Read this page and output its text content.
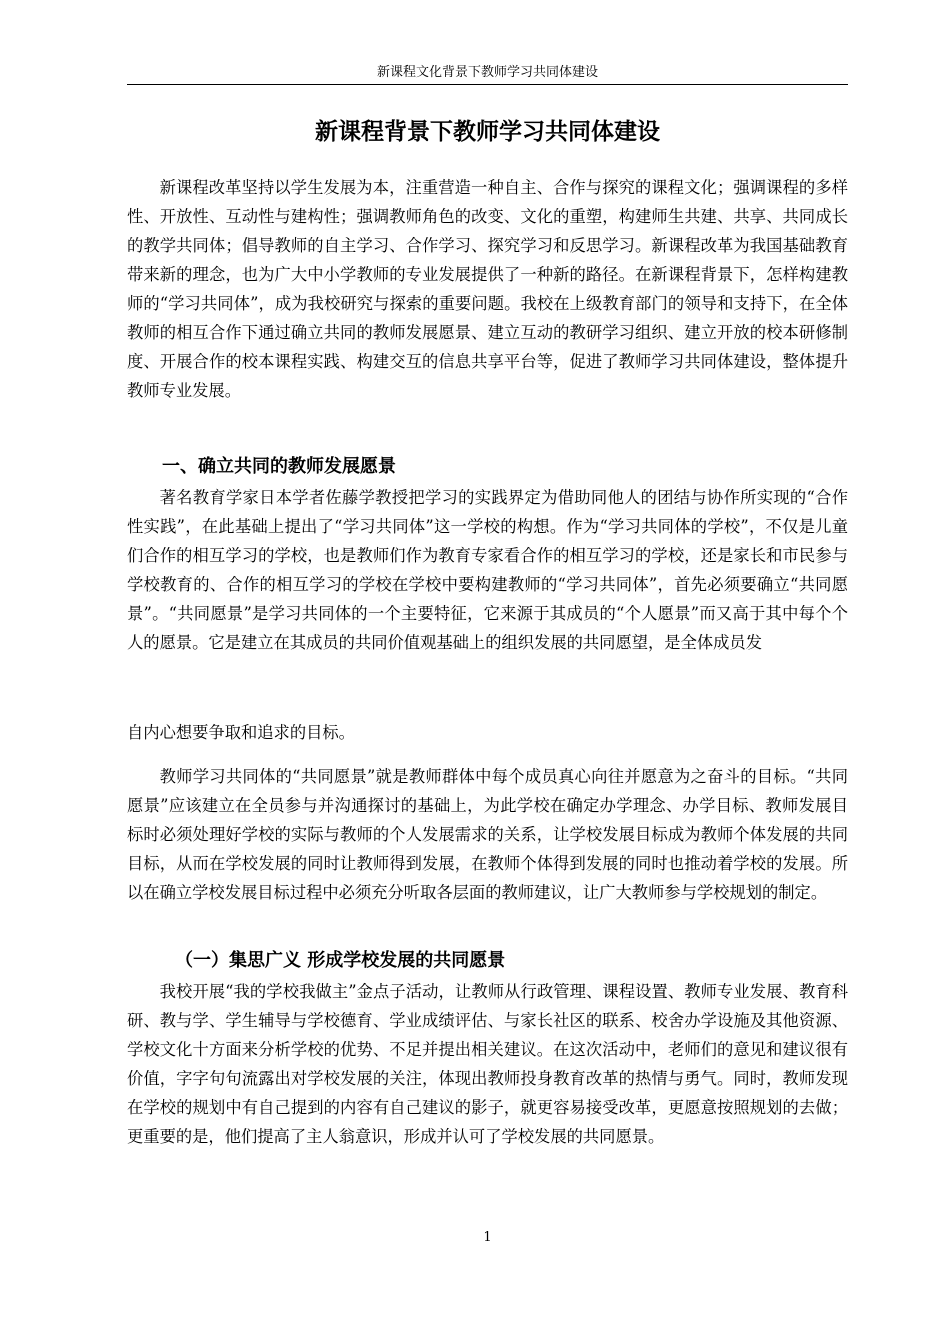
新课程文化背景下教师学习共同体建设
新课程背景下教师学习共同体建设

新课程改革坚持以学生发展为本，注重营造一种自主、合作与探究的课程文化；强调课程的多样性、开放性、互动性与建构性；强调教师角色的改变、文化的重塑，构建师生共建、共享、共同成长的教学共同体；倡导教师的自主学习、合作学习、探究学习和反思学习。新课程改革为我国基础教育带来新的理念，也为广大中小学教师的专业发展提供了一种新的路径。在新课程背景下，怎样构建教师的“学习共同体”，成为我校研究与探索的重要问题。我校在上级教育部门的领导和支持下，在全体教师的相互合作下通过确立共同的教师发展愿景、建立互动的教研学习组织、建立开放的校本研修制度、开展合作的校本课程实践、构建交互的信息共享平台等，促进了教师学习共同体建设，整体提升教师专业发展。

一、确立共同的教师发展愿景

著名教育学家日本学者佐藤学教授把学习的实践界定为借助同他人的团结与协作所实现的“合作性实践”，在此基础上提出了“学习共同体”这一学校的构想。作为“学习共同体的学校”，不仅是儿童们合作的相互学习的学校，也是教师们作为教育专家看合作的相互学习的学校，还是家长和市民参与学校教育的、合作的相互学习的学校在学校中要构建教师的“学习共同体”，首先必须要确立“共同愿景”。“共同愿景”是学习共同体的一个主要特征，它来源于其成员的“个人愿景”而又高于其中每个个人的愿景。它是建立在其成员的共同价值观基础上的组织发展的共同愿望，是全体成员发

自内心想要争取和追求的目标。

教师学习共同体的“共同愿景”就是教师群体中每个成员真心向往并愿意为之奋斗的目标。“共同愿景”应该建立在全员参与并沟通探讨的基础上，为此学校在确定办学理念、办学目标、教师发展目标时必须处理好学校的实际与教师的个人发展需求的关系，让学校发展目标成为教师个体发展的共同目标，从而在学校发展的同时让教师得到发展，在教师个体得到发展的同时也推动着学校的发展。所以在确立学校发展目标过程中必须充分听取各层面的教师建议，让广大教师参与学校规划的制定。

（一）集思广义 形成学校发展的共同愿景

我校开展“我的学校我做主”金点子活动，让教师从行政管理、课程设置、教师专业发展、教育科研、教与学、学生辅导与学校德育、学业成绩评估、与家长社区的联系、校舍办学设施及其他资源、学校文化十方面来分析学校的优势、不足并提出相关建议。在这次活动中，老师们的意见和建议很有价值，字字句句流露出对学校发展的关注，体现出教师投身教育改革的热情与勇气。同时，教师发现在学校的规划中有自己提到的内容有自己建议的影子，就更容易接受改革，更愿意按照规划的去做；更重要的是，他们提高了主人翁意识，形成并认可了学校发展的共同愿景。

1
